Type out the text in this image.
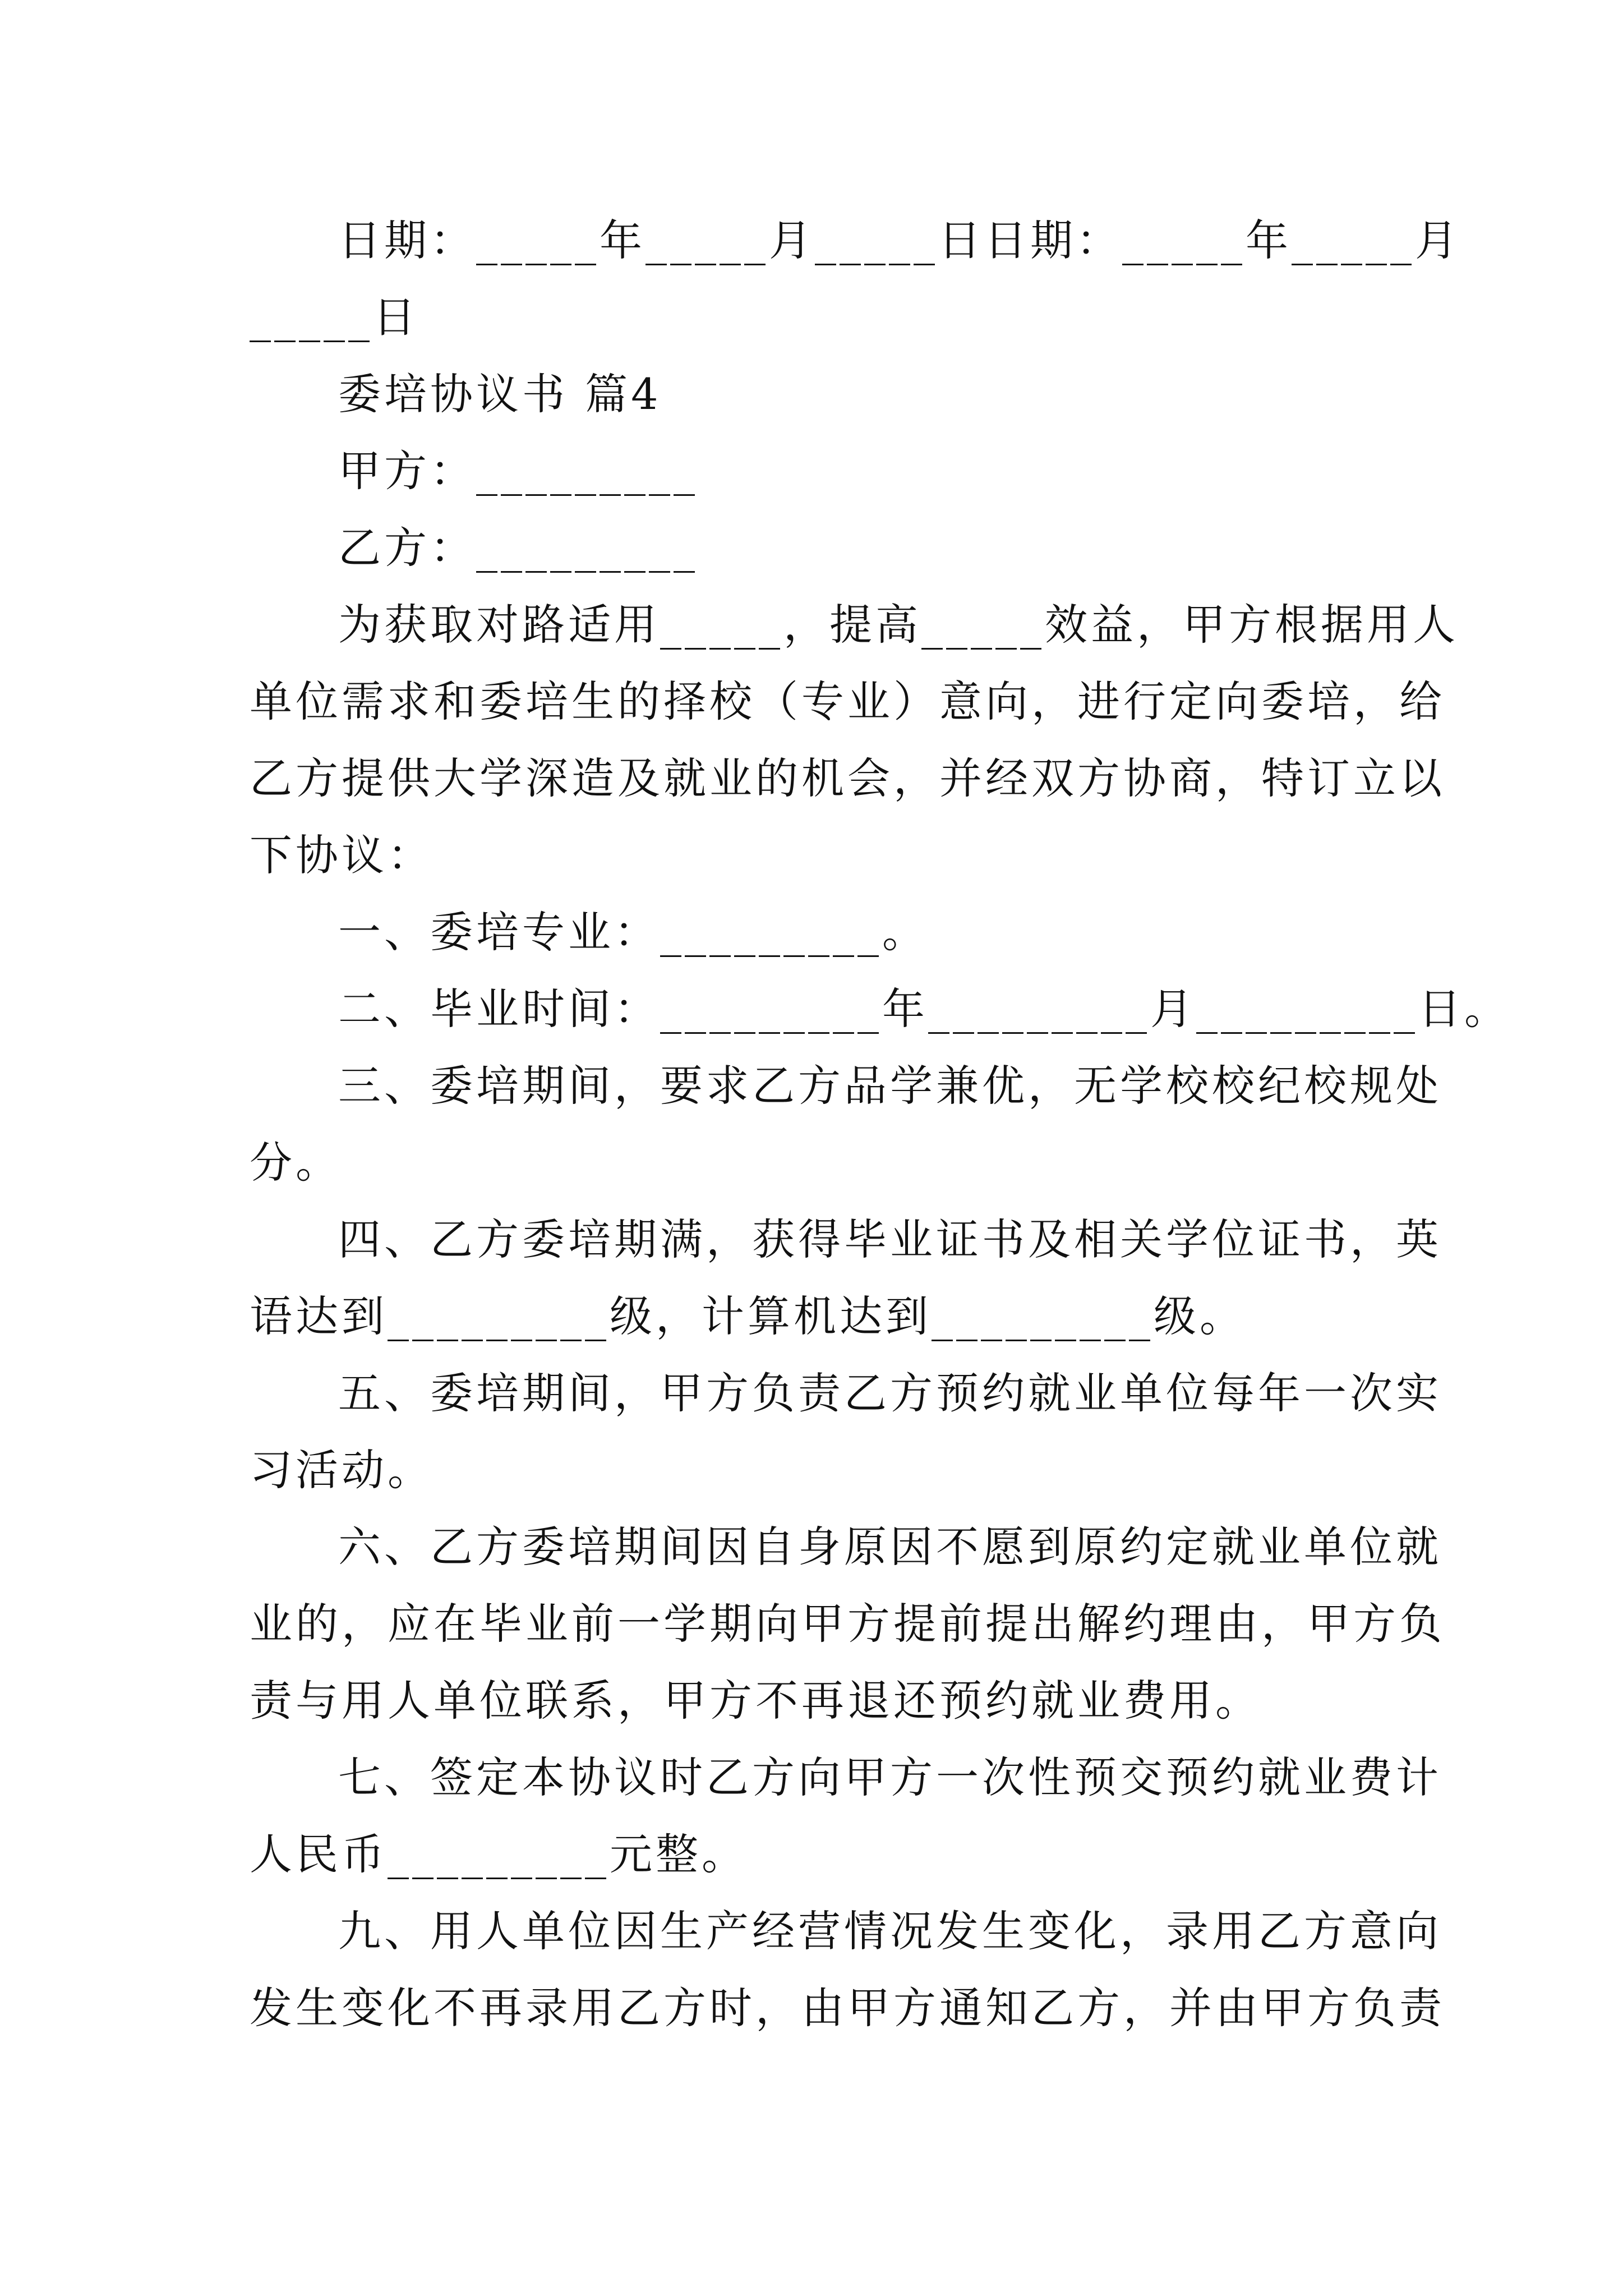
日期：_____年_____月_____日日期：_____年_____月

_____日

委培协议书 篇4

甲方：_________

乙方：_________

为获取对路适用_____，提高_____效益，甲方根据用人

单位需求和委培生的择校（专业）意向，进行定向委培，给

乙方提供大学深造及就业的机会，并经双方协商，特订立以

下协议：

一、委培专业：_________。

二、毕业时间：_________年_________月_________日。

三、委培期间，要求乙方品学兼优，无学校校纪校规处

分。

四、乙方委培期满，获得毕业证书及相关学位证书，英

语达到_________级，计算机达到_________级。

五、委培期间，甲方负责乙方预约就业单位每年一次实

习活动。

六、乙方委培期间因自身原因不愿到原约定就业单位就

业的，应在毕业前一学期向甲方提前提出解约理由，甲方负

责与用人单位联系，甲方不再退还预约就业费用。

七、签定本协议时乙方向甲方一次性预交预约就业费计

人民币_________元整。

九、用人单位因生产经营情况发生变化，录用乙方意向

发生变化不再录用乙方时，由甲方通知乙方，并由甲方负责
